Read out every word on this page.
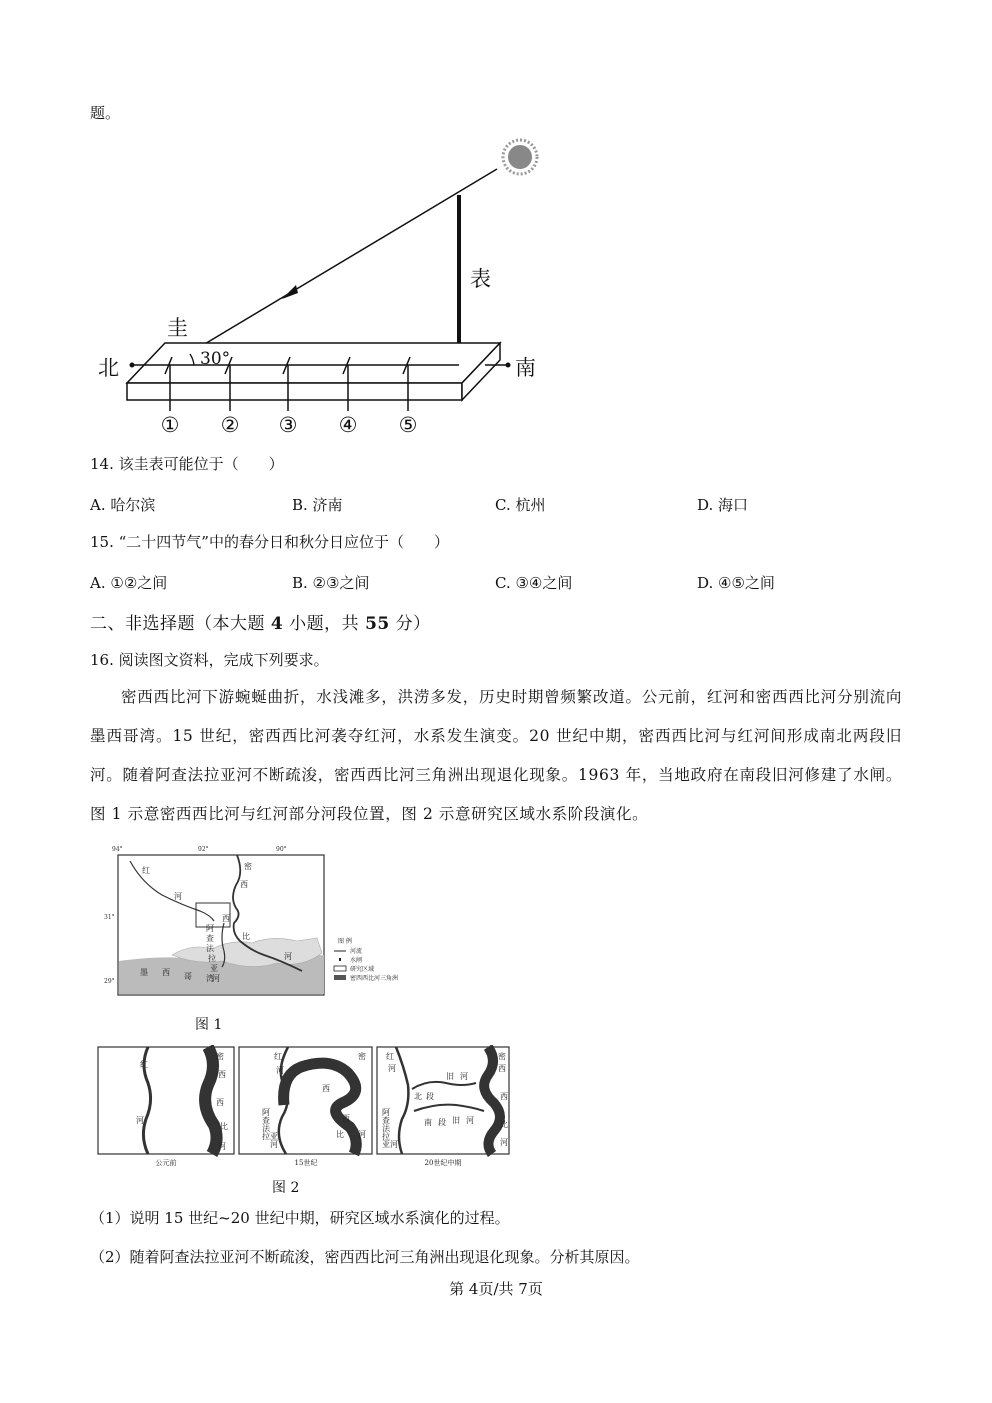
题。
30°
圭
表
北	南
① ② ③ ④ ⑤
14. 该圭表可能位于（　　）
A. 哈尔滨	B. 济南	C. 杭州	D. 海口
15. “二十四节气”中的春分日和秋分日应位于（　　）
A. ①②之间	B. ②③之间	C. ③④之间	D. ④⑤之间
二、非选择题（本大题 4 小题，共 55 分）
16. 阅读图文资料，完成下列要求。
密西西比河下游蜿蜒曲折，水浅滩多，洪涝多发，历史时期曾频繁改道。公元前，红河和密西西比河分别流向墨西哥湾。15 世纪，密西西比河袭夺红河，水系发生演变。20 世纪中期，密西西比河与红河间形成南北两段旧河。随着阿查法拉亚河不断疏浚，密西西比河三角洲出现退化现象。1963 年，当地政府在南段旧河修建了水闸。图 1 示意密西西比河与红河部分河段位置，图 2 示意研究区域水系阶段演化。
94°	92°	90°
31°
29°
红
河
密
西
西
比
河
阿
查
法
拉
亚
河
墨 西 哥 湾
图 例
河流
水闸
研究区域
密西西比河三角洲
图 1
红
河
密
西
西
比
河
红
河
密
西
西
比 河
阿
查
法
拉 亚
河
红
河
密
西
西
比
河
北 段
旧 河
南 段 旧 河
阿
查
法
拉
亚 河
公元前	15世纪	20世纪中期
图 2
（1）说明 15 世纪~20 世纪中期，研究区域水系演化的过程。
（2）随着阿查法拉亚河不断疏浚，密西西比河三角洲出现退化现象。分析其原因。
第 4页/共 7页
